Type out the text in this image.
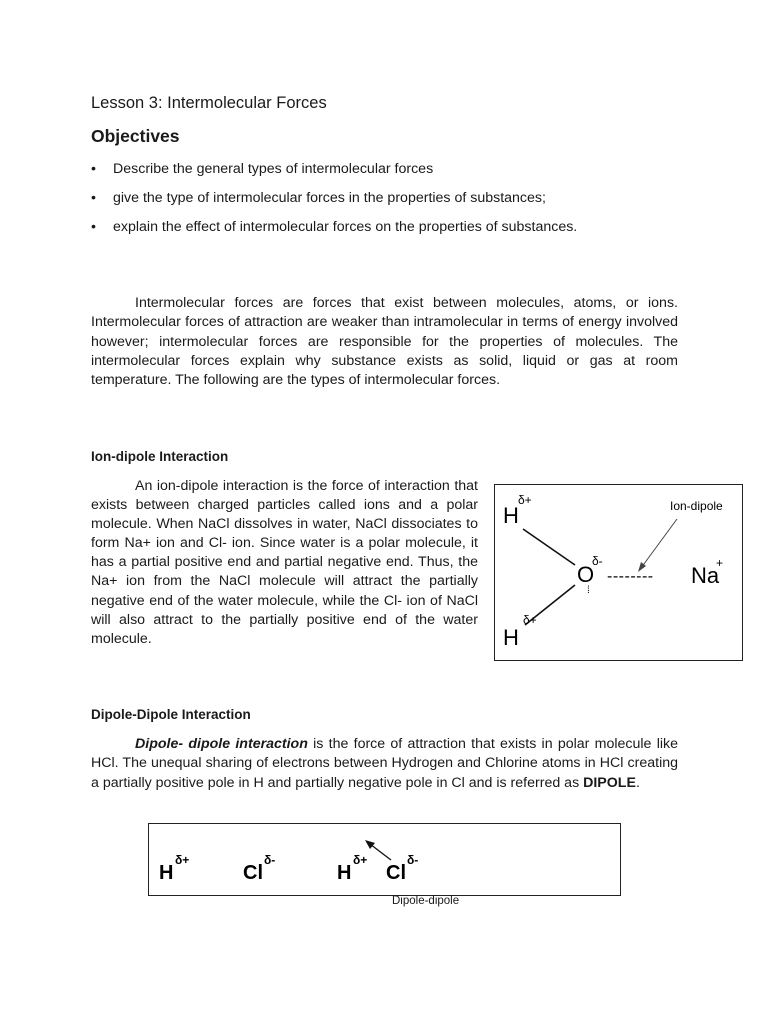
Lesson 3: Intermolecular Forces
Objectives

• Describe the general types of intermolecular forces

• give the type of intermolecular forces in the properties of substances;

• explain the effect of intermolecular forces on the properties of substances.

Intermolecular forces are forces that exist between molecules, atoms, or ions. Intermolecular forces of attraction are weaker than intramolecular in terms of energy involved however; intermolecular forces are responsible for the properties of molecules. The intermolecular forces explain why substance exists as solid, liquid or gas at room temperature. The following are the types of intermolecular forces.

Ion-dipole Interaction

An ion-dipole interaction is the force of interaction that exists between charged particles called ions and a polar molecule. When NaCl dissolves in water, NaCl dissociates to form Na+ ion and Cl- ion. Since water is a polar molecule, it has a partial positive end and partial negative end. Thus, the Na+ ion from the NaCl molecule will attract the partially negative end of the water molecule, while the Cl- ion of NaCl will also attract to the partially positive end of the water molecule.

H
δ+
O
δ-
⁞
H
δ+
-------- Na
+
Ion-dipole
Dipole-Dipole Interaction

Dipole- dipole interaction is the force of attraction that exists in polar molecule like HCl. The unequal sharing of electrons between Hydrogen and Chlorine atoms in HCl creating a partially positive pole in H and partially negative pole in Cl and is referred as DIPOLE.

H
δ+
Cl
δ-
H
δ+
Cl
δ-

Dipole-dipole
